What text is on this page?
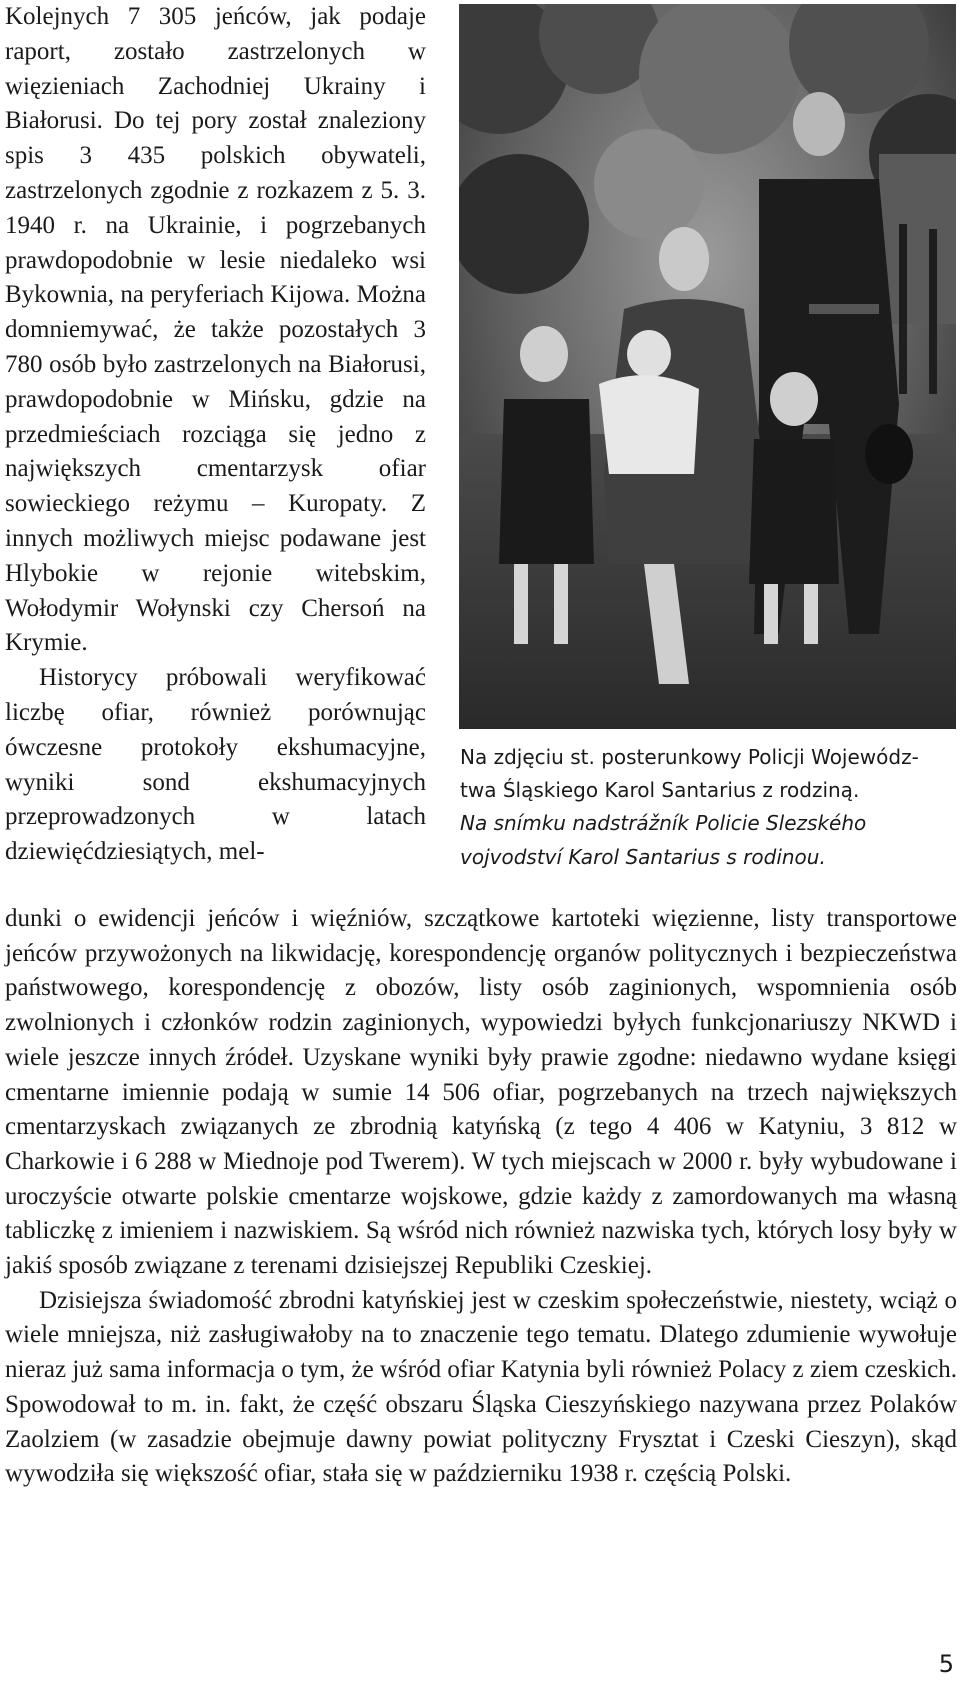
Kolejnych 7 305 jeńców, jak podaje raport, zostało zastrzelonych w więzieniach Zachodniej Ukrainy i Białorusi. Do tej pory został znaleziony spis 3 435 polskich obywateli, zastrzelonych zgodnie z rozkazem z 5. 3. 1940 r. na Ukrainie, i pogrzebanych prawdopodobnie w lesie niedaleko wsi Bykownia, na peryferiach Kijowa. Można domniemywać, że także pozostałych 3 780 osób było zastrzelonych na Białorusi, prawdopodobnie w Mińsku, gdzie na przedmieściach rozciąga się jedno z największych cmentarzysk ofiar sowieckiego reżymu – Kuropaty. Z innych możliwych miejsc podawane jest Hlybokie w rejonie witebskim, Wołodymir Wołynski czy Chersoń na Krymie.

Historycy próbowali weryfikować liczbę ofiar, również porównując ówczesne protokoły ekshumacyjne, wyniki sond ekshumacyjnych przeprowadzonych w latach dziewięćdziesiątych, mel-

Na zdjęciu st. posterunkowy Policji Wojewódz-
twa Śląskiego Karol Santarius z rodziną.
Na snímku nadstrážník Policie Slezského
vojvodství Karol Santarius s rodinou.

dunki o ewidencji jeńców i więźniów, szczątkowe kartoteki więzienne, listy transportowe jeńców przywożonych na likwidację, korespondencję organów politycznych i bezpieczeństwa państwowego, korespondencję z obozów, listy osób zaginionych, wspomnienia osób zwolnionych i członków rodzin zaginionych, wypowiedzi byłych funkcjonariuszy NKWD i wiele jeszcze innych źródeł. Uzyskane wyniki były prawie zgodne: niedawno wydane księgi cmentarne imiennie podają w sumie 14 506 ofiar, pogrzebanych na trzech największych cmentarzyskach związanych ze zbrodnią katyńską (z tego 4 406 w Katyniu, 3 812 w Charkowie i 6 288 w Miednoje pod Twerem). W tych miejscach w 2000 r. były wybudowane i uroczyście otwarte polskie cmentarze wojskowe, gdzie każdy z zamordowanych ma własną tabliczkę z imieniem i nazwiskiem. Są wśród nich również nazwiska tych, których losy były w jakiś sposób związane z terenami dzisiejszej Republiki Czeskiej.

Dzisiejsza świadomość zbrodni katyńskiej jest w czeskim społeczeństwie, niestety, wciąż o wiele mniejsza, niż zasługiwałoby na to znaczenie tego tematu. Dlatego zdumienie wywołuje nieraz już sama informacja o tym, że wśród ofiar Katynia byli również Polacy z ziem czeskich. Spowodował to m. in. fakt, że część obszaru Śląska Cieszyńskiego nazywana przez Polaków Zaolziem (w zasadzie obejmuje dawny powiat polityczny Frysztat i Czeski Cieszyn), skąd wywodziła się większość ofiar, stała się w październiku 1938 r. częścią Polski.

5
